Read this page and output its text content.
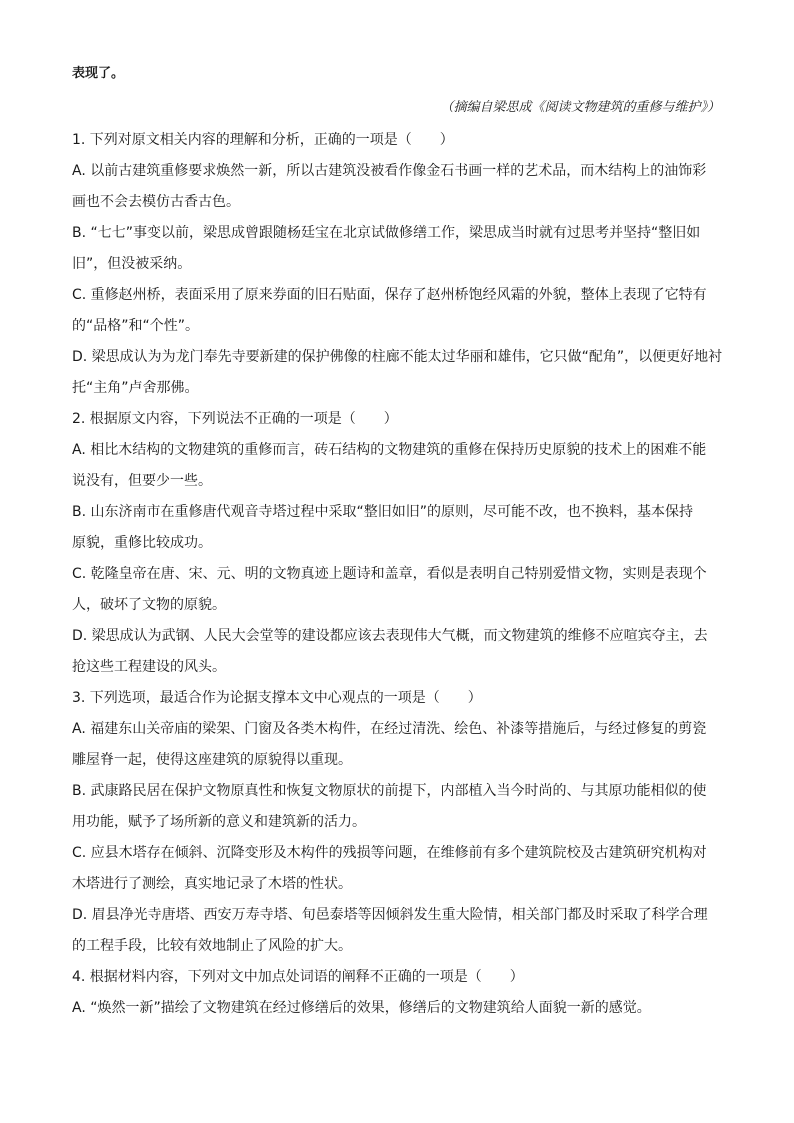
表现了。
（摘编自梁思成《阅读文物建筑的重修与维护》）
1. 下列对原文相关内容的理解和分析，正确的一项是（　　）
A. 以前古建筑重修要求焕然一新，所以古建筑没被看作像金石书画一样的艺术品，而木结构上的油饰彩
画也不会去模仿古香古色。
B. “七七”事变以前，梁思成曾跟随杨廷宝在北京试做修缮工作，梁思成当时就有过思考并坚持“整旧如
旧”，但没被采纳。
C. 重修赵州桥，表面采用了原来券面的旧石贴面，保存了赵州桥饱经风霜的外貌，整体上表现了它特有
的“品格”和“个性”。
D. 梁思成认为为龙门奉先寺要新建的保护佛像的柱廊不能太过华丽和雄伟，它只做“配角”，以便更好地衬
托“主角”卢舍那佛。
2. 根据原文内容，下列说法不正确的一项是（　　）
A. 相比木结构的文物建筑的重修而言，砖石结构的文物建筑的重修在保持历史原貌的技术上的困难不能
说没有，但要少一些。
B. 山东济南市在重修唐代观音寺塔过程中采取“整旧如旧”的原则，尽可能不改，也不换料，基本保持
原貌，重修比较成功。
C. 乾隆皇帝在唐、宋、元、明的文物真迹上题诗和盖章，看似是表明自己特别爱惜文物，实则是表现个
人，破坏了文物的原貌。
D. 梁思成认为武钢、人民大会堂等的建设都应该去表现伟大气概，而文物建筑的维修不应喧宾夺主，去
抢这些工程建设的风头。
3. 下列选项，最适合作为论据支撑本文中心观点的一项是（　　）
A. 福建东山关帝庙的梁架、门窗及各类木构件，在经过清洗、绘色、补漆等措施后，与经过修复的剪瓷
雕屋脊一起，使得这座建筑的原貌得以重现。
B. 武康路民居在保护文物原真性和恢复文物原状的前提下，内部植入当今时尚的、与其原功能相似的使
用功能，赋予了场所新的意义和建筑新的活力。
C. 应县木塔存在倾斜、沉降变形及木构件的残损等问题，在维修前有多个建筑院校及古建筑研究机构对
木塔进行了测绘，真实地记录了木塔的性状。
D. 眉县净光寺唐塔、西安万寿寺塔、旬邑泰塔等因倾斜发生重大险情，相关部门都及时采取了科学合理
的工程手段，比较有效地制止了风险的扩大。
4. 根据材料内容，下列对文中加点处词语的阐释不正确的一项是（　　）
A. “焕然一新”描绘了文物建筑在经过修缮后的效果，修缮后的文物建筑给人面貌一新的感觉。
